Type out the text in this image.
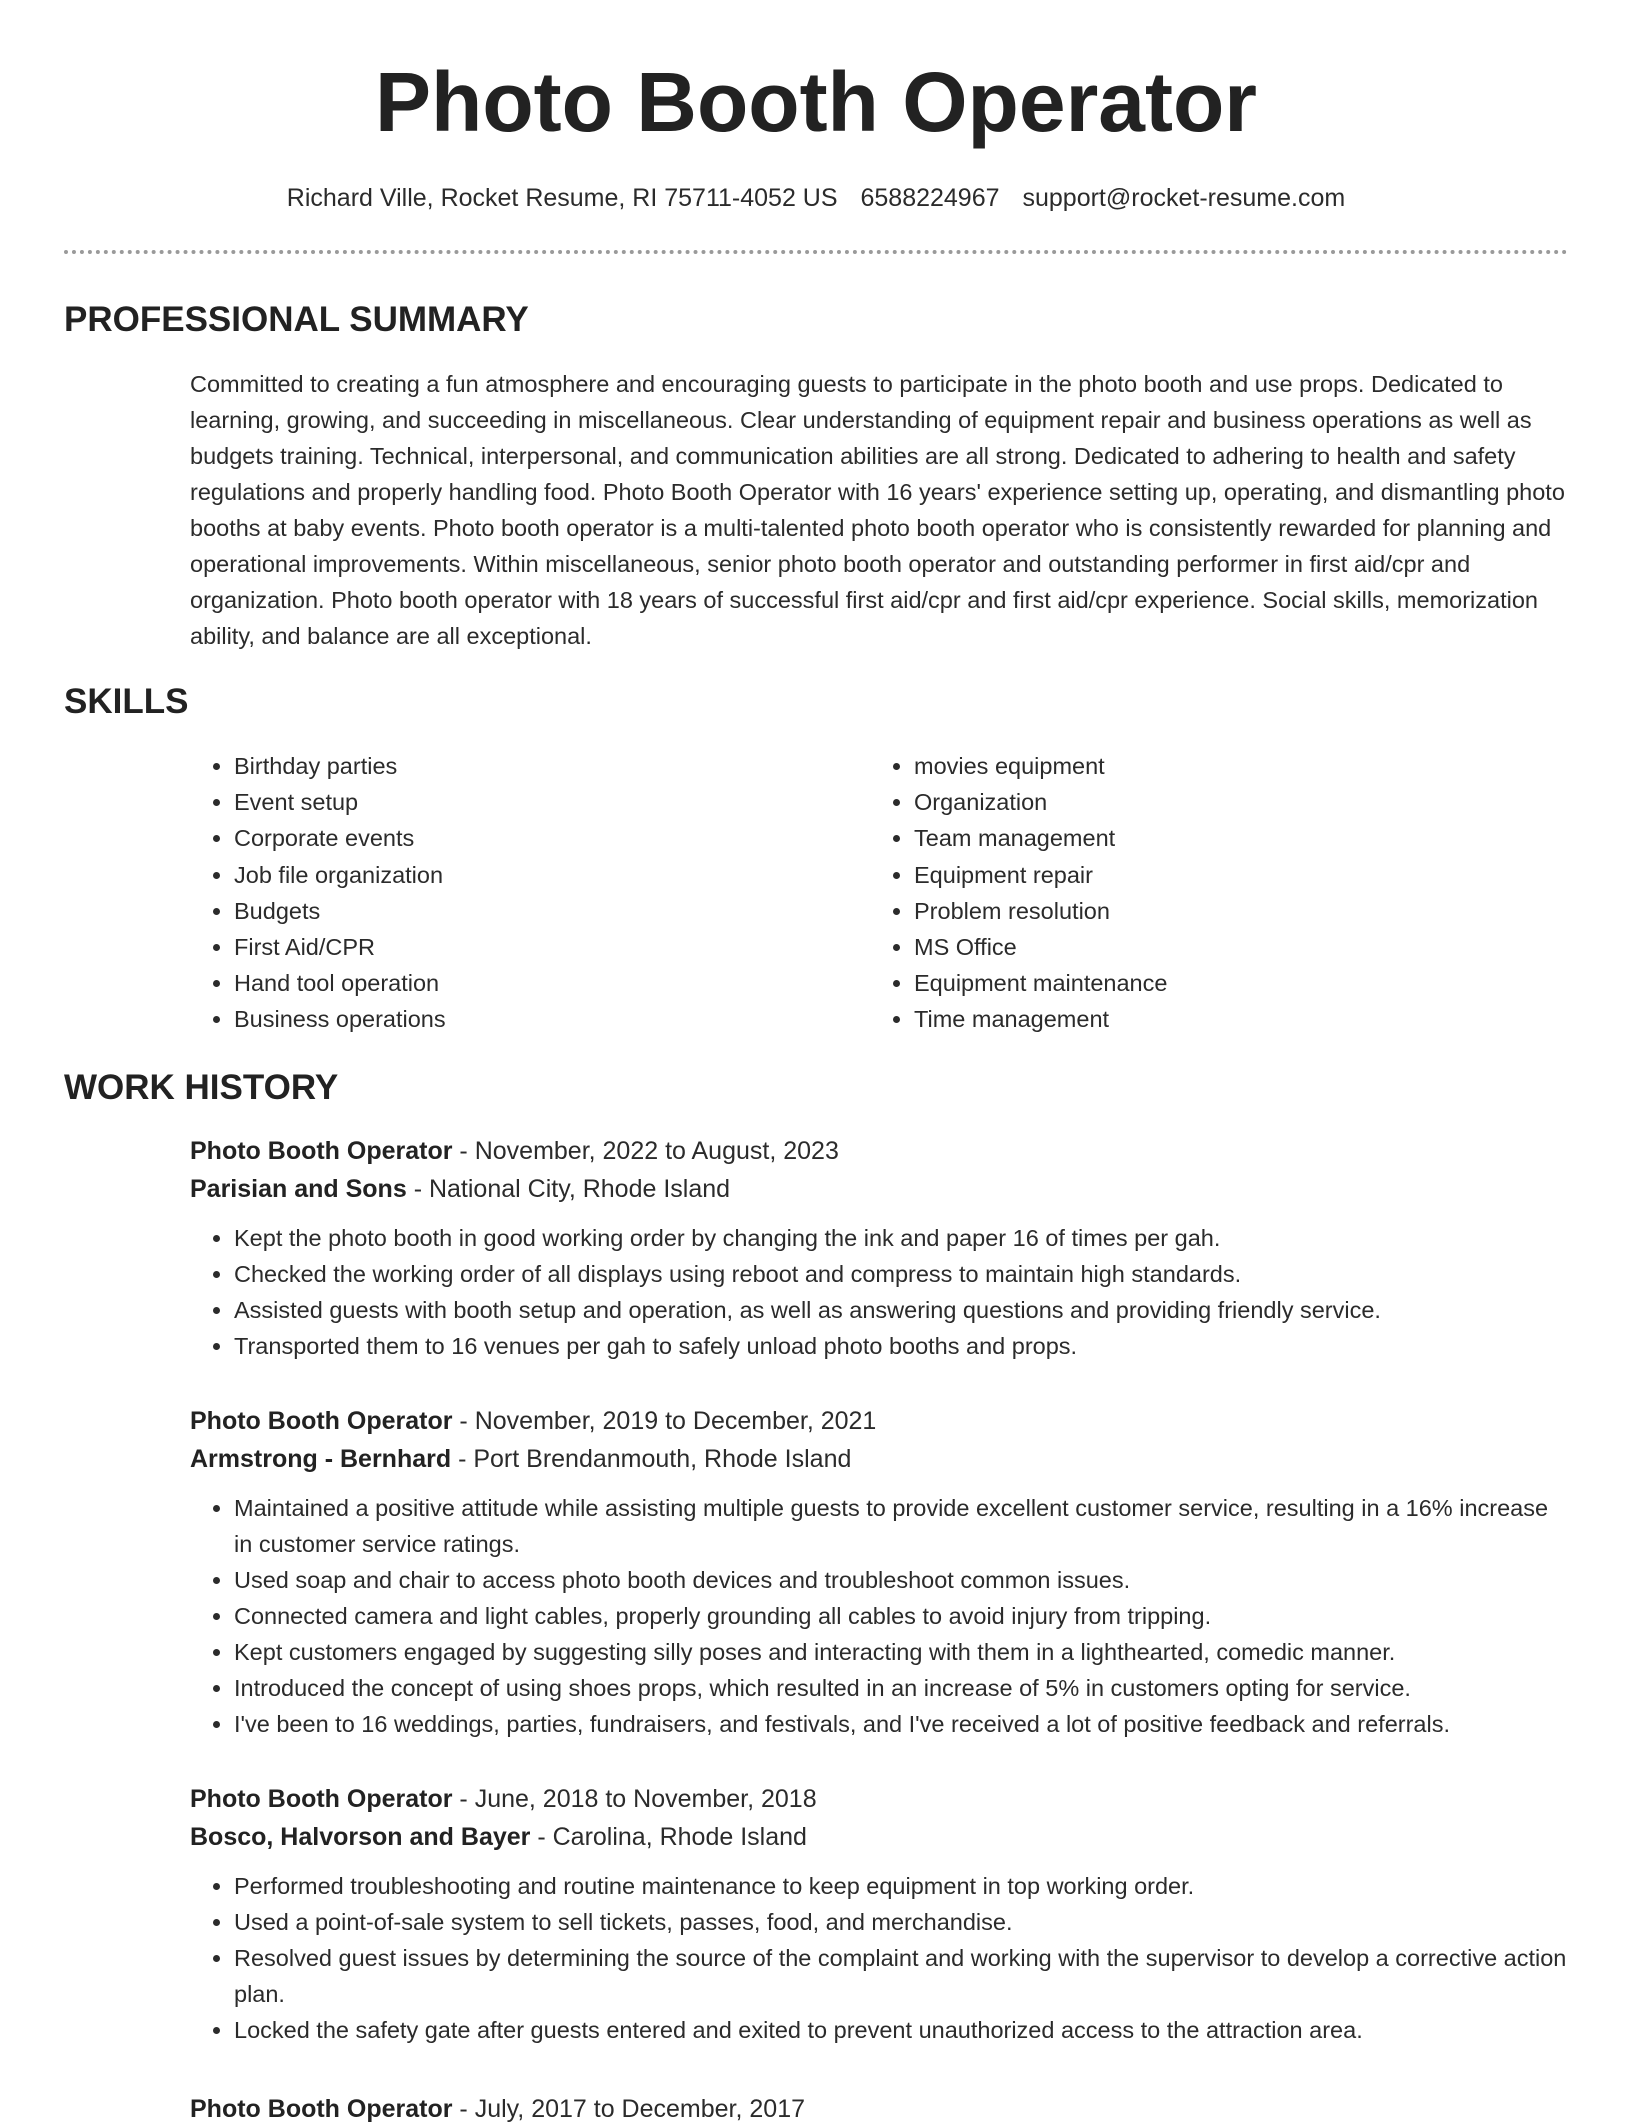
Photo Booth Operator
Richard Ville, Rocket Resume, RI 75711-4052 US 6588224967 support@rocket-resume.com
PROFESSIONAL SUMMARY

Committed to creating a fun atmosphere and encouraging guests to participate in the photo booth and use props. Dedicated to learning, growing, and succeeding in miscellaneous. Clear understanding of equipment repair and business operations as well as budgets training. Technical, interpersonal, and communication abilities are all strong. Dedicated to adhering to health and safety regulations and properly handling food. Photo Booth Operator with 16 years' experience setting up, operating, and dismantling photo booths at baby events. Photo booth operator is a multi-talented photo booth operator who is consistently rewarded for planning and operational improvements. Within miscellaneous, senior photo booth operator and outstanding performer in first aid/cpr and organization. Photo booth operator with 18 years of successful first aid/cpr and first aid/cpr experience. Social skills, memorization ability, and balance are all exceptional.

SKILLS
• Birthday parties
• Event setup
• Corporate events
• Job file organization
• Budgets
• First Aid/CPR
• Hand tool operation
• Business operations
• movies equipment
• Organization
• Team management
• Equipment repair
• Problem resolution
• MS Office
• Equipment maintenance
• Time management
WORK HISTORY
Photo Booth Operator - November, 2022 to August, 2023
Parisian and Sons - National City, Rhode Island
• Kept the photo booth in good working order by changing the ink and paper 16 of times per gah.
• Checked the working order of all displays using reboot and compress to maintain high standards.
• Assisted guests with booth setup and operation, as well as answering questions and providing friendly service.
• Transported them to 16 venues per gah to safely unload photo booths and props.
Photo Booth Operator - November, 2019 to December, 2021
Armstrong - Bernhard - Port Brendanmouth, Rhode Island
• Maintained a positive attitude while assisting multiple guests to provide excellent customer service, resulting in a 16% increase in customer service ratings.
• Used soap and chair to access photo booth devices and troubleshoot common issues.
• Connected camera and light cables, properly grounding all cables to avoid injury from tripping.
• Kept customers engaged by suggesting silly poses and interacting with them in a lighthearted, comedic manner.
• Introduced the concept of using shoes props, which resulted in an increase of 5% in customers opting for service.
• I've been to 16 weddings, parties, fundraisers, and festivals, and I've received a lot of positive feedback and referrals.
Photo Booth Operator - June, 2018 to November, 2018
Bosco, Halvorson and Bayer - Carolina, Rhode Island
• Performed troubleshooting and routine maintenance to keep equipment in top working order.
• Used a point-of-sale system to sell tickets, passes, food, and merchandise.
• Resolved guest issues by determining the source of the complaint and working with the supervisor to develop a corrective action plan.
• Locked the safety gate after guests entered and exited to prevent unauthorized access to the attraction area.
Photo Booth Operator - July, 2017 to December, 2017
